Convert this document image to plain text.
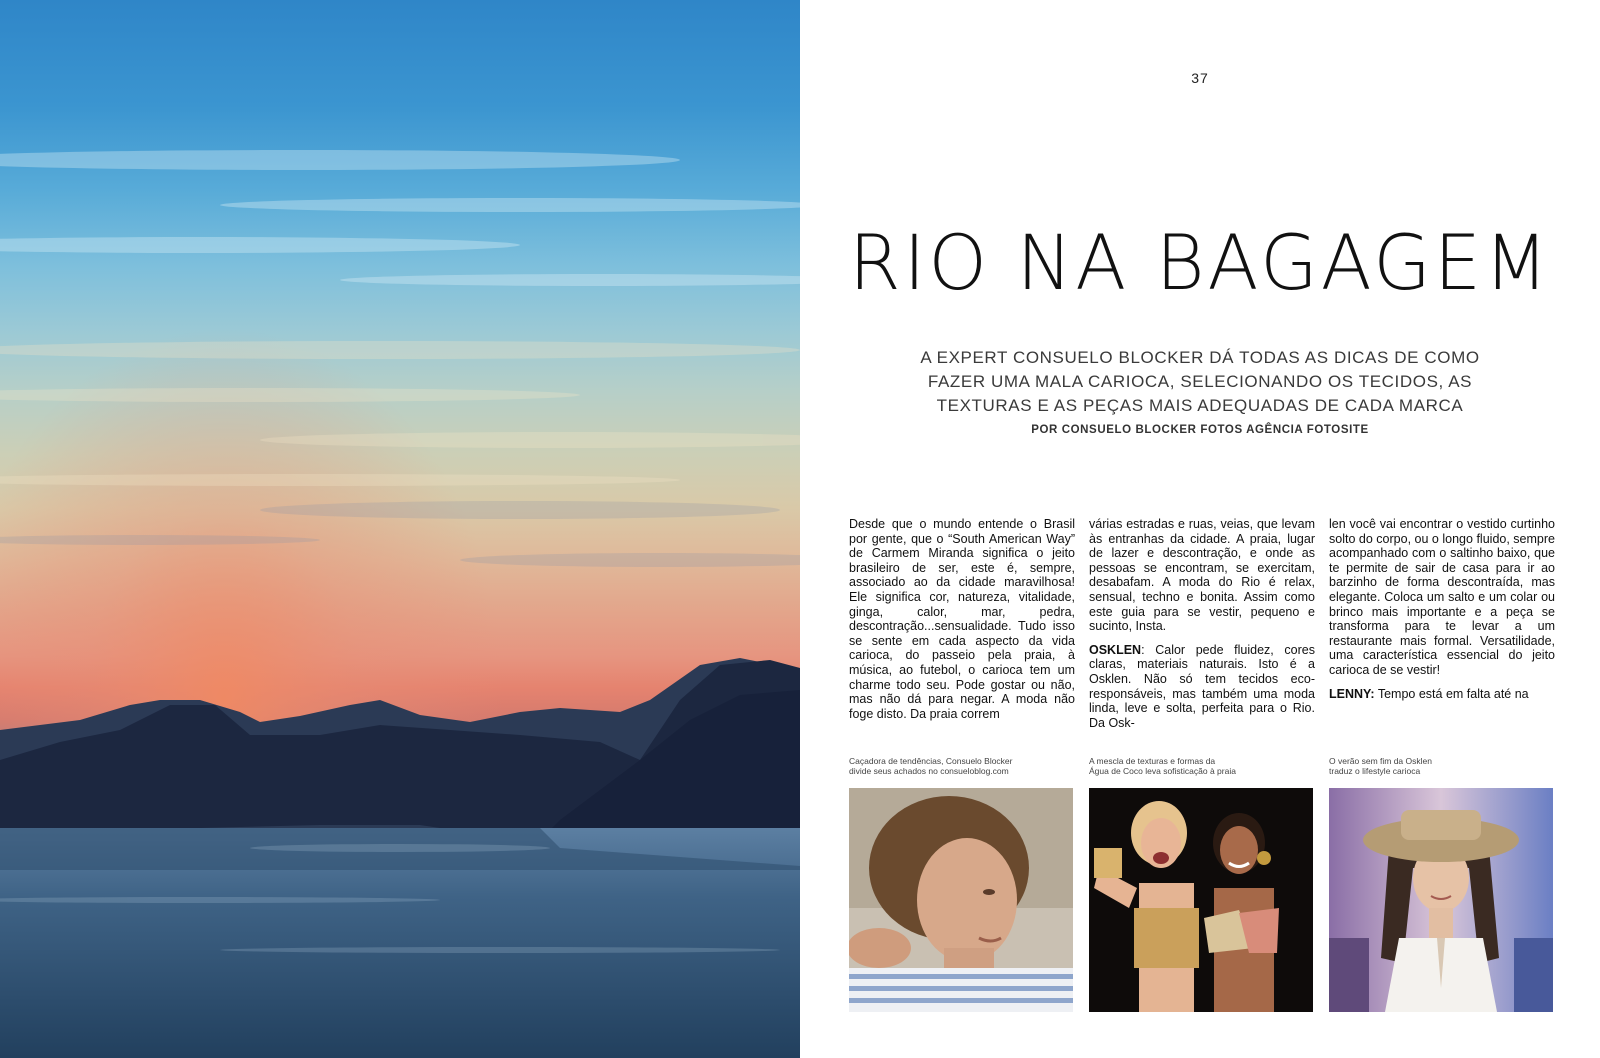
37
RIO NA BAGAGEM
A EXPERT CONSUELO BLOCKER DÁ TODAS AS DICAS DE COMO
FAZER UMA MALA CARIOCA, SELECIONANDO OS TECIDOS, AS
TEXTURAS E AS PEÇAS MAIS ADEQUADAS DE CADA MARCA
POR CONSUELO BLOCKER FOTOS AGÊNCIA FOTOSITE

Desde que o mundo entende o Brasil por gente, que o “South American Way” de Carmem Miranda significa o jeito brasileiro de ser, este é, sempre, associado ao da cidade maravilhosa! Ele significa cor, natureza, vitalidade, ginga, calor, mar, pedra, descontração...sensualidade. Tudo isso se sente em cada aspecto da vida carioca, do passeio pela praia, à música, ao futebol, o carioca tem um charme todo seu. Pode gostar ou não, mas não dá para negar. A moda não foge disto. Da praia correm

várias estradas e ruas, veias, que levam às entranhas da cidade. A praia, lugar de lazer e descontração, e onde as pessoas se encontram, se exercitam, desabafam. A moda do Rio é relax, sensual, techno e bonita. Assim como este guia para se vestir, pequeno e sucinto, Insta.

OSKLEN: Calor pede fluidez, cores claras, materiais naturais. Isto é a Osklen. Não só tem tecidos eco-responsáveis, mas também uma moda linda, leve e solta, perfeita para o Rio. Da Osk-

len você vai encontrar o vestido curtinho solto do corpo, ou o longo fluido, sempre acompanhado com o saltinho baixo, que te permite de sair de casa para ir ao barzinho de forma descontraída, mas elegante. Coloca um salto e um colar ou brinco mais importante e a peça se transforma para te levar a um restaurante mais formal. Versatilidade, uma característica essencial do jeito carioca de se vestir!

LENNY: Tempo está em falta até na

Caçadora de tendências, Consuelo Blocker
divide seus achados no consueloblog.com
A mescla de texturas e formas da
Água de Coco leva sofisticação à praia
O verão sem fim da Osklen
traduz o lifestyle carioca
